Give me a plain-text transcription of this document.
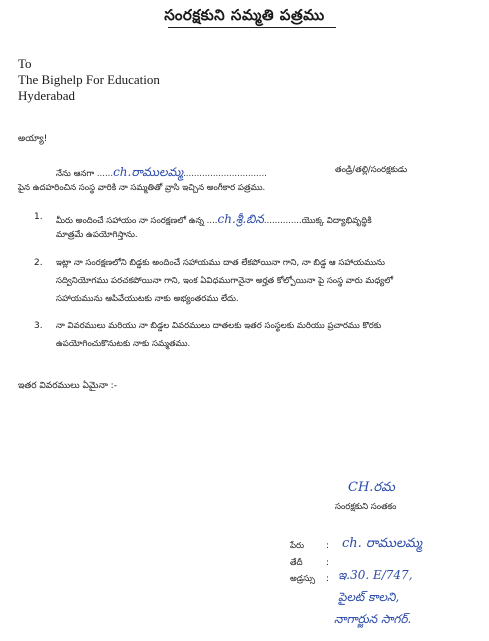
సంరక్షకుని సమ్మతి పత్రము
To
The Bighelp For Education
Hyderabad
అయ్యా!
నేను ఆనగా ......ch.రాములమ్మ...............................	తండ్రి/తల్లి/సంరక్షకుడు
పైన ఉదహరించిన సంస్థ వారికి నా సమ్మతితో వ్రాసి ఇచ్చిన అంగీకార పత్రము.
1. మీరు అందించే సహాయం నా సంరక్షణలో ఉన్న ....ch.శ్రీ.బిన..............యొక్క విద్యాభివృద్ధికి
మాత్రమే ఉపయోగిస్తాను.
2. ఇట్లా నా సంరక్షణలోని బిడ్డకు అందించే సహాయము దాత లేకపోయినా గాని, నా బిడ్డ ఆ సహాయమును
సద్వినియోగము పరచకపోయినా గాని, ఇంక ఏవిధముగానైనా అర్హత కోల్పోయినా పై సంస్థ వారు మధ్యలో
సహాయమును ఆపివేయుటకు నాకు అభ్యంతరము లేదు.
3. నా వివరములు మరియు నా బిడ్డల వివరములు దాతలకు ఇతర సంస్థలకు మరియు ప్రచారము కొరకు
ఉపయోగించుకొనుటకు నాకు సమ్మతము.
ఇతర వివరములు ఏమైనా :-
CH.రమ
సంరక్షకుని సంతకం
పేరు	: ch. రాములమ్మ
తేదీ	:
అడ్రస్సు : ఇ.30. E/747,
పైలట్ కాలని,
నాగార్జున సాగర్.
